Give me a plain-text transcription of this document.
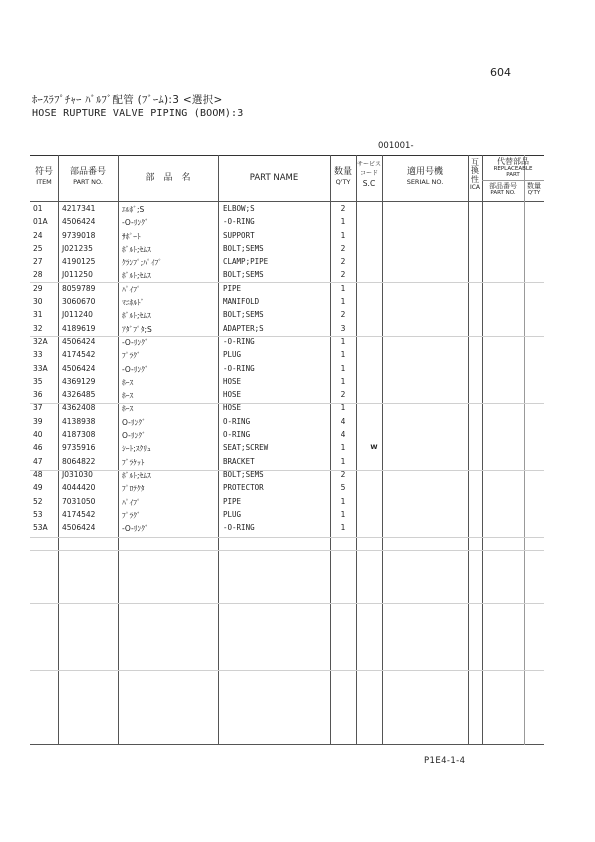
604
ﾎｰｽﾗﾌﾟﾁｬｰ ﾊﾞﾙﾌﾞ配管 (ﾌﾞｰﾑ):3 <選択>
HOSE RUPTURE VALVE PIPING (BOOM):3
001001-
符号
ITEM
部品番号
PART NO.	部　品　名	PART NAME
数量
Q'TY
サービス
コード
S.C
適用号機
SERIAL NO.
互換性
ICA
代替部品
REPLACEABLE PART
部品番号
PART NO.
数量
Q'TY
01	4217341	ｴﾙﾎﾞ;S	ELBOW;S	2
01A 4506424	-O-ﾘﾝｸﾞ	-O-RING	1
24	9739018	ｻﾎﾟｰﾄ	SUPPORT	1
25	J021235	ﾎﾞﾙﾄ;ｾﾑｽ	BOLT;SEMS	2
27	4190125	ｸﾗﾝﾌﾟ;ﾊﾟｲﾌﾟ	CLAMP;PIPE	2
28	J011250	ﾎﾞﾙﾄ;ｾﾑｽ	BOLT;SEMS	2
29	8059789	ﾊﾟｲﾌﾟ	PIPE	1
30	3060670	ﾏﾆﾎﾙﾄﾞ	MANIFOLD	1
31	J011240	ﾎﾞﾙﾄ;ｾﾑｽ	BOLT;SEMS	2
32	4189619	ｱﾀﾞﾌﾟﾀ;S	ADAPTER;S	3
32A 4506424	-O-ﾘﾝｸﾞ	-O-RING	1
33	4174542	ﾌﾟﾗｸﾞ	PLUG	1
33A 4506424	-O-ﾘﾝｸﾞ	-O-RING	1
35	4369129	ﾎｰｽ	HOSE	1
36	4326485	ﾎｰｽ	HOSE	2
37	4362408	ﾎｰｽ	HOSE	1
39	4138938	O-ﾘﾝｸﾞ	O-RING	4
40	4187308	O-ﾘﾝｸﾞ	O-RING	4
46	9735916	ｼｰﾄ;ｽｸﾘｭ	SEAT;SCREW	1	W
47	8064822	ﾌﾞﾗｹｯﾄ	BRACKET	1
48	J031030	ﾎﾞﾙﾄ;ｾﾑｽ	BOLT;SEMS	2
49	4044420	ﾌﾟﾛﾃｸﾀ	PROTECTOR	5
52	7031050	ﾊﾟｲﾌﾟ	PIPE	1
53	4174542	ﾌﾟﾗｸﾞ	PLUG	1
53A 4506424	-O-ﾘﾝｸﾞ	-O-RING	1
P1E4-1-4
